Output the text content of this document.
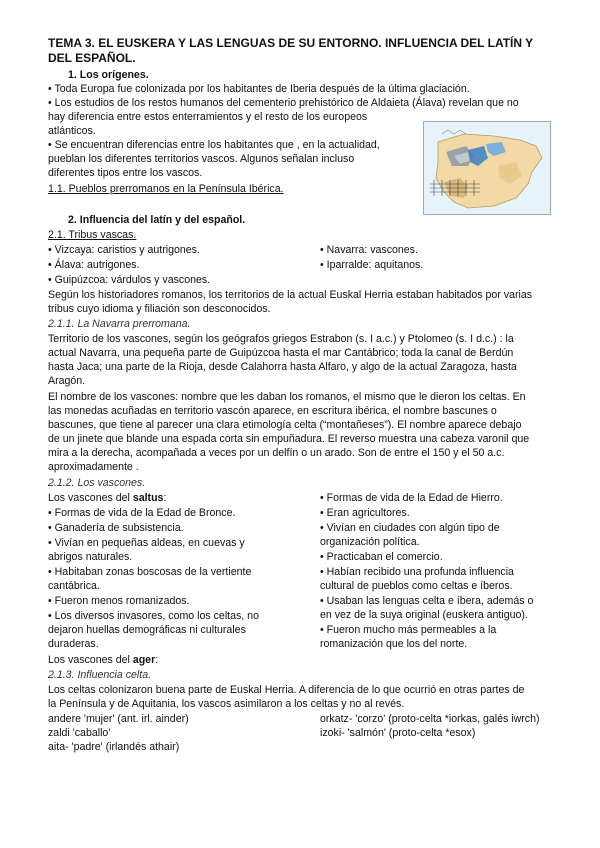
TEMA 3. EL EUSKERA Y LAS LENGUAS DE SU ENTORNO. INFLUENCIA DEL LATÍN Y DEL ESPAÑOL.
1. Los orígenes.
• Toda Europa fue colonizada por los habitantes de Iberia después de la última glaciación.
• Los estudios de los restos humanos del cementerio prehistórico de Aldaieta (Álava) revelan que no
hay diferencia entre estos enterramientos y el resto de los europeos
atlánticos.
• Se encuentran diferencias entre los habitantes que , en la actualidad,
pueblan los diferentes territorios vascos. Algunos señalan incluso
diferentes tipos entre los vascos.
1.1. Pueblos prerromanos en la Península Ibérica.
2. Influencia del latín y del español.
2.1. Tribus vascas.
• Vizcaya: caristios y autrigones.
• Álava: autrigones.
• Guipúzcoa: várdulos y vascones.
• Navarra: vascones.
• Iparralde: aquitanos.
Según los historiadores romanos, los territorios de la actual Euskal Herria estaban habitados por varias
tribus cuyo idioma y filiación son desconocidos.
2.1.1. La Navarra prerromana.
Territorio de los vascones, según los geógrafos griegos Estrabon (s. I a.c.) y Ptolomeo (s. I d.c.) : la
actual Navarra, una pequeña parte de Guipúzcoa hasta el mar Cantábrico; toda la canal de Berdún
hasta Jaca; una parte de la Rioja, desde Calahorra hasta Alfaro, y algo de la actual Zaragoza, hasta
Aragón.
El nombre de los vascones: nombre que les daban los romanos, el mismo que le dieron los celtas. En
las monedas acuñadas en territorio vascón aparece, en escritura ibérica, el nombre bascunes o
bascunes, que tiene al parecer una clara etimología celta (“montañeses”). El nombre aparece debajo
de un jinete que blande una espada corta sin empuñadura. El reverso muestra una cabeza varonil que
mira a la derecha, acompañada a veces por un delfín o un arado. Son de entre el 150 y el 50 a.c.
aproximadamente .
2.1.2. Los vascones.
Los vascones del saltus:
• Formas de vida de la Edad de Bronce.
• Ganadería de subsistencia.
• Vivían en pequeñas aldeas, en cuevas y
abrigos naturales.
• Habitaban zonas boscosas de la vertiente
cantábrica.
• Fueron menos romanizados.
• Los diversos invasores, como los celtas, no
dejaron huellas demográficas ni culturales
duraderas.
• Formas de vida de la Edad de Hierro.
• Eran agricultores.
• Vivían en ciudades con algún tipo de
organización política.
• Practicaban el comercio.
• Habían recibido una profunda influencia
cultural de pueblos como celtas e íberos.
• Usaban las lenguas celta e íbera, además o
en vez de la suya original (euskera antiguo).
• Fueron mucho más permeables a la
romanización que los del norte.
Los vascones del ager:
2.1.3. Influencia celta.
Los celtas colonizaron buena parte de Euskal Herria. A diferencia de lo que ocurrió en otras partes de
la Península y de Aquitania, los vascos asimilaron a los celtas y no al revés.
andere 'mujer' (ant. irl. ainder)
zaldi 'caballo'
aita- 'padre' (irlandés athair)
orkatz- 'corzo' (proto-celta *iorkas, galés iwrch)
izoki- 'salmón' (proto-celta *esox)
